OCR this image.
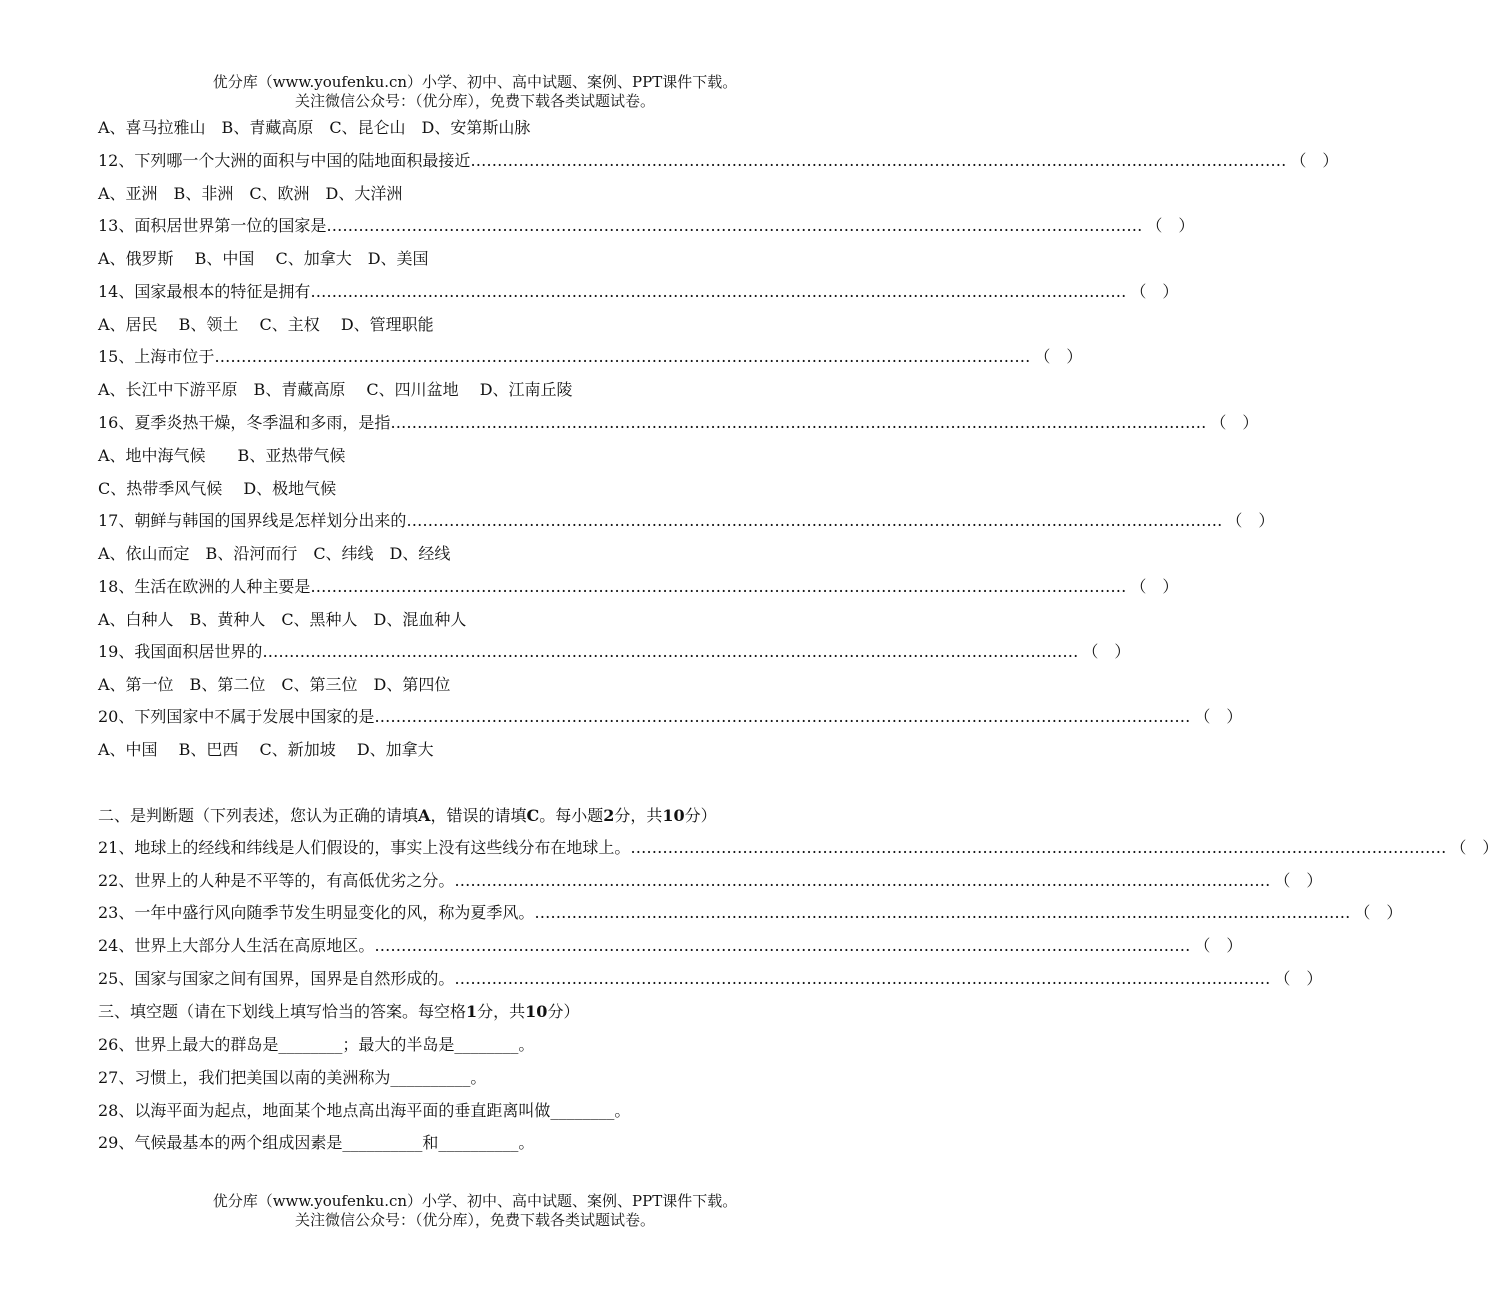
优分库（www.youfenku.cn）小学、初中、高中试题、案例、PPT课件下载。
关注微信公众号：（优分库），免费下载各类试题试卷。
A、喜马拉雅山　B、青藏高原　C、昆仑山　D、安第斯山脉
12、下列哪一个大洲的面积与中国的陆地面积最接近 ……………………………………………………………………………………………………………………………………… （　）
A、亚洲　B、非洲　C、欧洲　D、大洋洲
13、面积居世界第一位的国家是 ……………………………………………………………………………………………………………………………………… （　）
A、俄罗斯　 B、中国　 C、加拿大　D、美国
14、国家最根本的特征是拥有 ……………………………………………………………………………………………………………………………………… （　）
A、居民　 B、领土　 C、主权　 D、管理职能
15、上海市位于 ……………………………………………………………………………………………………………………………………… （　）
A、长江中下游平原　B、青藏高原　 C、四川盆地　 D、江南丘陵
16、夏季炎热干燥，冬季温和多雨，是指 ……………………………………………………………………………………………………………………………………… （　）
A、地中海气候　　B、亚热带气候
C、热带季风气候　 D、极地气候
17、朝鲜与韩国的国界线是怎样划分出来的 ……………………………………………………………………………………………………………………………………… （　）
A、依山而定　B、沿河而行　C、纬线　D、经线
18、生活在欧洲的人种主要是 ……………………………………………………………………………………………………………………………………… （　）
A、白种人　B、黄种人　C、黑种人　D、混血种人
19、我国面积居世界的 ……………………………………………………………………………………………………………………………………… （　）
A、第一位　B、第二位　C、第三位　D、第四位
20、下列国家中不属于发展中国家的是 ……………………………………………………………………………………………………………………………………… （　）
A、中国　 B、巴西　 C、新加坡　 D、加拿大
二、是判断题（下列表述，您认为正确的请填A，错误的请填C。每小题2分，共10分）
21、地球上的经线和纬线是人们假设的，事实上没有这些线分布在地球上。 ……………………………………………………………………………………………………………………………………… （　）
22、世界上的人种是不平等的，有高低优劣之分。 ……………………………………………………………………………………………………………………………………… （　）
23、一年中盛行风向随季节发生明显变化的风，称为夏季风。 ……………………………………………………………………………………………………………………………………… （　）
24、世界上大部分人生活在高原地区。 ……………………………………………………………………………………………………………………………………… （　）
25、国家与国家之间有国界，国界是自然形成的。 ……………………………………………………………………………………………………………………………………… （　）
三、填空题（请在下划线上填写恰当的答案。每空格1分，共10分）
26、世界上最大的群岛是________；最大的半岛是________。
27、习惯上，我们把美国以南的美洲称为__________。
28、以海平面为起点，地面某个地点高出海平面的垂直距离叫做________。
29、气候最基本的两个组成因素是__________和__________。
优分库（www.youfenku.cn）小学、初中、高中试题、案例、PPT课件下载。
关注微信公众号：（优分库），免费下载各类试题试卷。
